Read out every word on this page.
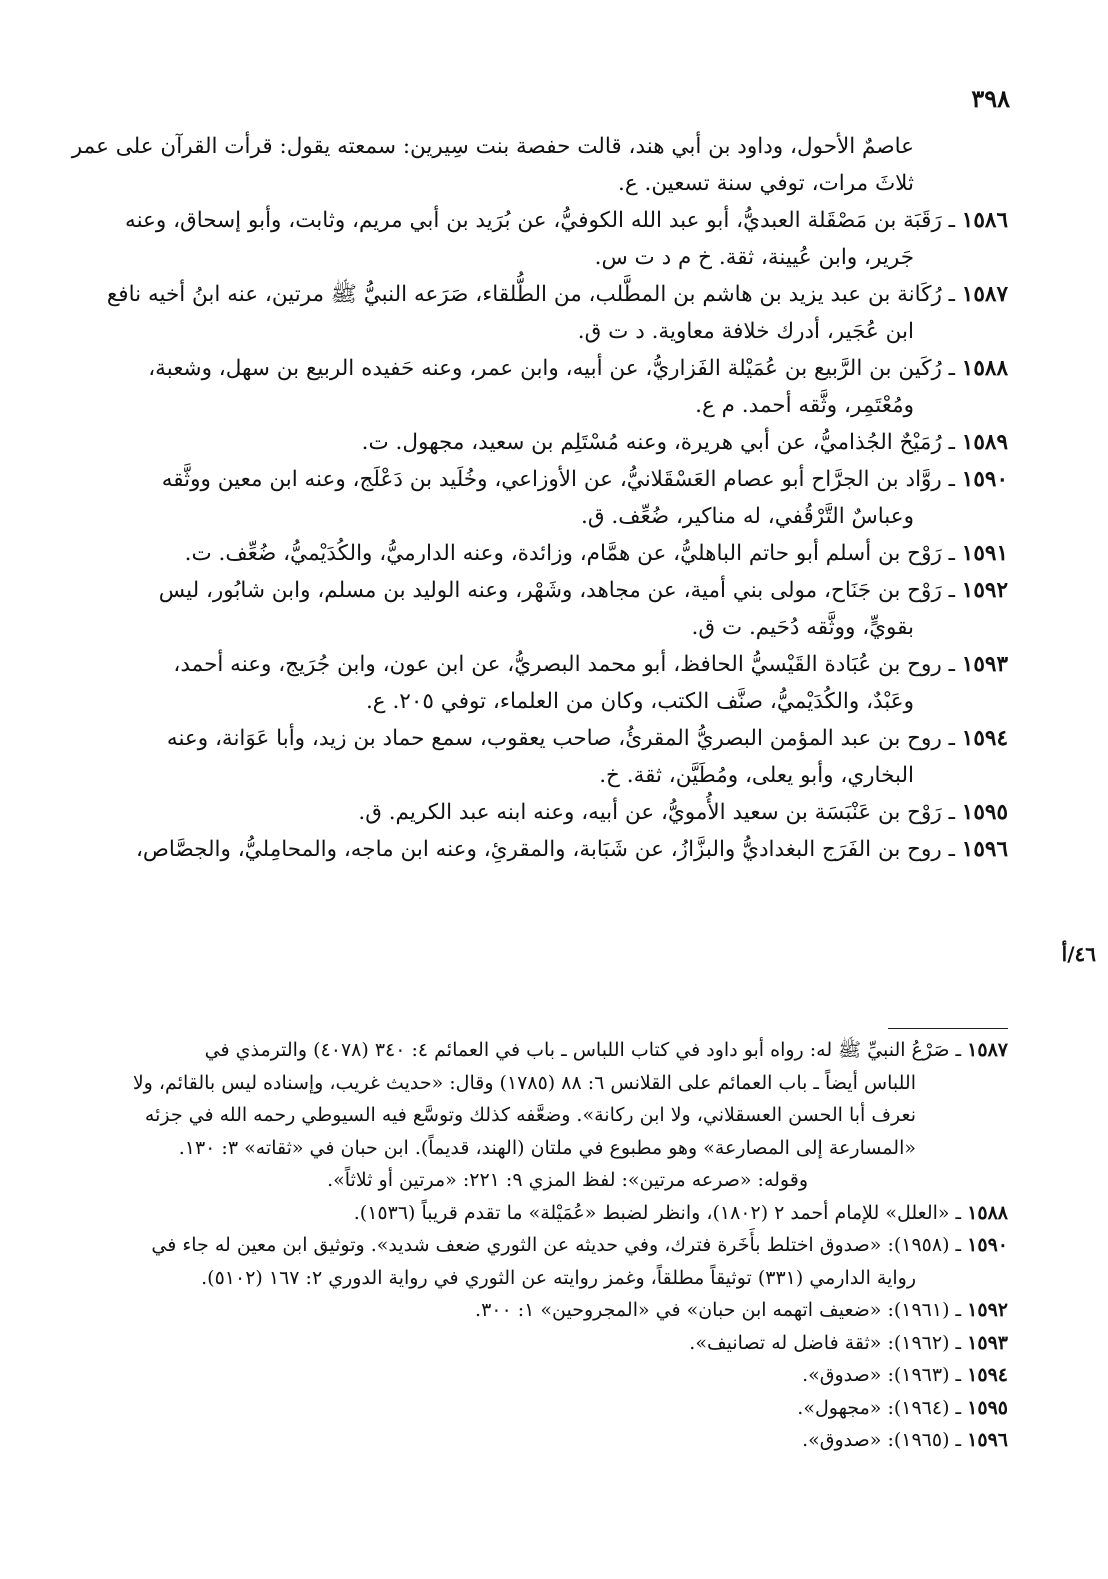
٣٩٨
٤٦/أ
عاصمٌ الأحول، وداود بن أبي هند، قالت حفصة بنت سِيرين: سمعته يقول: قرأت القرآن على عمر
ثلاثَ مرات، توفي سنة تسعين. ع.
١٥٨٦ ـ رَقَبَة بن مَصْقَلة العبديُّ، أبو عبد الله الكوفيُّ، عن بُرَيد بن أبي مريم، وثابت، وأبو إسحاق، وعنه
جَرير، وابن عُيينة، ثقة. خ م د ت س.
١٥٨٧ ـ رُكَانة بن عبد يزيد بن هاشم بن المطَّلب، من الطُّلقاء، صَرَعه النبيُّ ﷺ مرتين، عنه ابنُ أخيه نافع
ابن عُجَير، أدرك خلافة معاوية. د ت ق.
١٥٨٨ ـ رُكَين بن الرَّبيع بن عُمَيْلة الفَزاريُّ، عن أبيه، وابن عمر، وعنه حَفيده الربيع بن سهل، وشعبة،
ومُعْتَمِر، وثَّقه أحمد. م ع.
١٥٨٩ ـ رُمَيْحٌ الجُذاميُّ، عن أبي هريرة، وعنه مُسْتَلِم بن سعيد، مجهول. ت.
١٥٩٠ ـ روَّاد بن الجرَّاح أبو عصام العَسْقَلانيُّ، عن الأوزاعي، وخُلَيد بن دَعْلَج، وعنه ابن معين ووثَّقه
وعباسٌ التَّرْقُفي، له مناكير، ضُعِّف. ق.
١٥٩١ ـ رَوْح بن أسلم أبو حاتم الباهليُّ، عن همَّام، وزائدة، وعنه الدارميُّ، والكُدَيْميُّ، ضُعِّف. ت.
١٥٩٢ ـ رَوْح بن جَنَاح، مولى بني أمية، عن مجاهد، وشَهْر، وعنه الوليد بن مسلم، وابن شابُور، ليس
بقويٍّ، ووثَّقه دُحَيم. ت ق.
١٥٩٣ ـ روح بن عُبَادة القَيْسيُّ الحافظ، أبو محمد البصريُّ، عن ابن عون، وابن جُرَيج، وعنه أحمد،
وعَبْدٌ، والكُدَيْميُّ، صنَّف الكتب، وكان من العلماء، توفي ٢٠٥. ع.
١٥٩٤ ـ روح بن عبد المؤمن البصريُّ المقرئُ، صاحب يعقوب، سمع حماد بن زيد، وأبا عَوَانة، وعنه
البخاري، وأبو يعلى، ومُطَيَّن، ثقة. خ.
١٥٩٥ ـ رَوْح بن عَنْبَسَة بن سعيد الأُمويُّ، عن أبيه، وعنه ابنه عبد الكريم. ق.
١٥٩٦ ـ روح بن الفَرَج البغداديُّ والبزَّازُ، عن شَبَابة، والمقرئِ، وعنه ابن ماجه، والمحامِليُّ، والجصَّاص،
١٥٨٧ ـ صَرْعُ النبيِّ ﷺ له: رواه أبو داود في كتاب اللباس ـ باب في العمائم ٤: ٣٤٠ (٤٠٧٨) والترمذي في
اللباس أيضاً ـ باب العمائم على القلانس ٦: ٨٨ (١٧٨٥) وقال: «حديث غريب، وإسناده ليس بالقائم، ولا
نعرف أبا الحسن العسقلاني، ولا ابن ركانة». وضعَّفه كذلك وتوسَّع فيه السيوطي رحمه الله في جزئه
«المسارعة إلى المصارعة» وهو مطبوع في ملتان (الهند، قديماً). ابن حبان في «ثقاته» ٣: ١٣٠.
وقوله: «صرعه مرتين»: لفظ المزي ٩: ٢٢١: «مرتين أو ثلاثاً».
١٥٨٨ ـ «العلل» للإمام أحمد ٢ (١٨٠٢)، وانظر لضبط «عُمَيْلة» ما تقدم قريباً (١٥٣٦).
١٥٩٠ ـ (١٩٥٨): «صدوق اختلط بأَخَرة فترك، وفي حديثه عن الثوري ضعف شديد». وتوثيق ابن معين له جاء في
رواية الدارمي (٣٣١) توثيقاً مطلقاً، وغمز روايته عن الثوري في رواية الدوري ٢: ١٦٧ (٥١٠٢).
١٥٩٢ ـ (١٩٦١): «ضعيف اتهمه ابن حبان» في «المجروحين» ١: ٣٠٠.
١٥٩٣ ـ (١٩٦٢): «ثقة فاضل له تصانيف».
١٥٩٤ ـ (١٩٦٣): «صدوق».
١٥٩٥ ـ (١٩٦٤): «مجهول».
١٥٩٦ ـ (١٩٦٥): «صدوق».
